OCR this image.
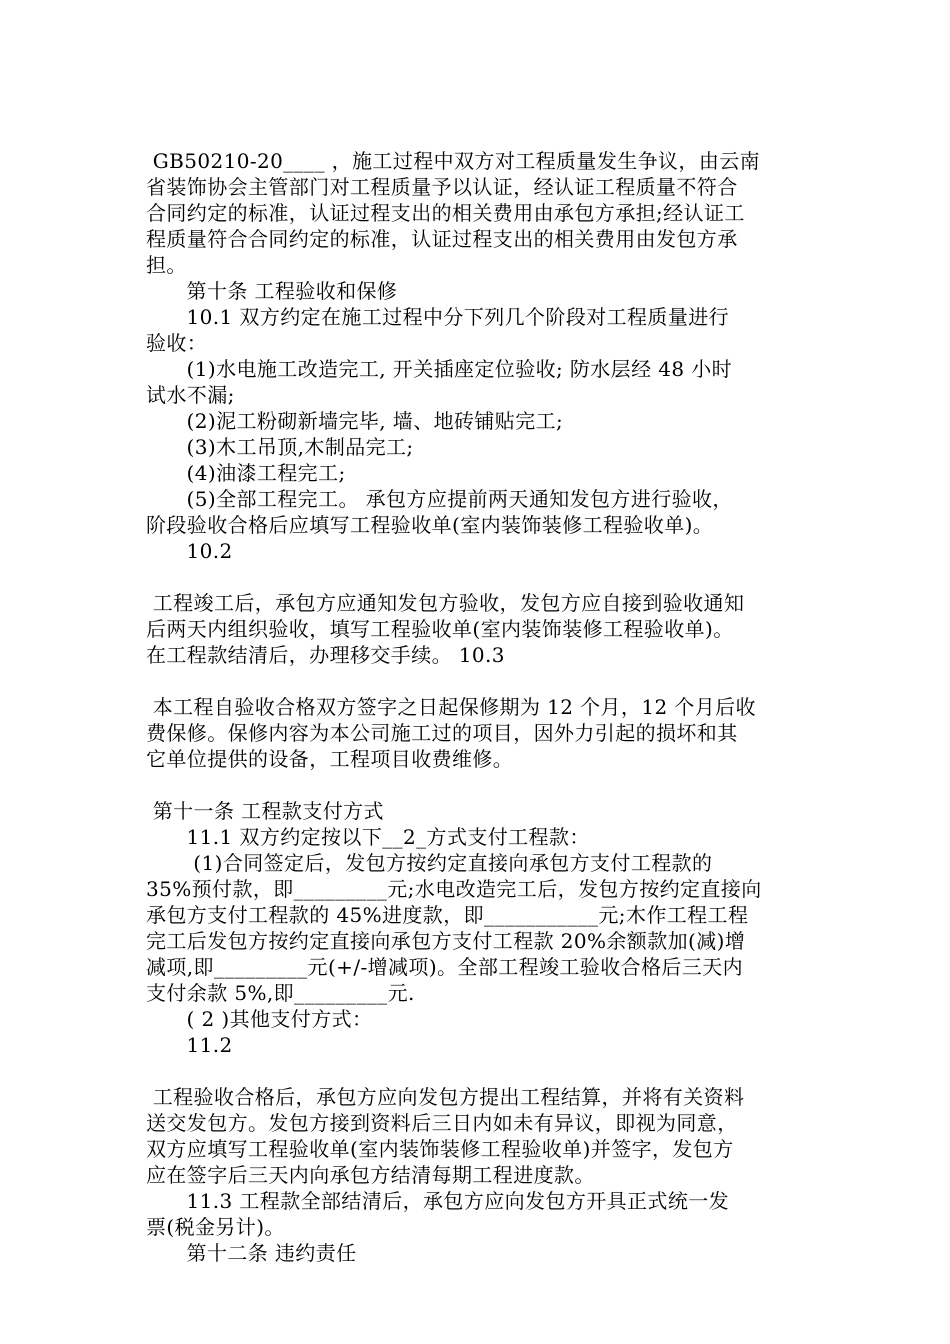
GB50210-20____ ，施工过程中双方对工程质量发生争议，由云南
省装饰协会主管部门对工程质量予以认证，经认证工程质量不符合
合同约定的标准，认证过程支出的相关费用由承包方承担;经认证工
程质量符合合同约定的标准，认证过程支出的相关费用由发包方承
担。
第十条 工程验收和保修
10.1 双方约定在施工过程中分下列几个阶段对工程质量进行
验收：
(1)水电施工改造完工, 开关插座定位验收; 防水层经 48 小时
试水不漏;
(2)泥工粉砌新墙完毕, 墙、地砖铺贴完工;
(3)木工吊顶,木制品完工;
(4)油漆工程完工;
(5)全部工程完工。 承包方应提前两天通知发包方进行验收，
阶段验收合格后应填写工程验收单(室内装饰装修工程验收单)。
10.2
工程竣工后，承包方应通知发包方验收，发包方应自接到验收通知
后两天内组织验收，填写工程验收单(室内装饰装修工程验收单)。
在工程款结清后，办理移交手续。 10.3
本工程自验收合格双方签字之日起保修期为 12 个月，12 个月后收
费保修。保修内容为本公司施工过的项目，因外力引起的损坏和其
它单位提供的设备，工程项目收费维修。
第十一条 工程款支付方式
11.1 双方约定按以下__2_方式支付工程款：
(1)合同签定后，发包方按约定直接向承包方支付工程款的
35%预付款，即_________元;水电改造完工后，发包方按约定直接向
承包方支付工程款的 45%进度款，即___________元;木作工程工程
完工后发包方按约定直接向承包方支付工程款 20%余额款加(减)增
减项,即_________元(+/-增减项)。全部工程竣工验收合格后三天内
支付余款 5%,即_________元.
( 2 )其他支付方式：
11.2
工程验收合格后，承包方应向发包方提出工程结算，并将有关资料
送交发包方。发包方接到资料后三日内如未有异议，即视为同意，
双方应填写工程验收单(室内装饰装修工程验收单)并签字，发包方
应在签字后三天内向承包方结清每期工程进度款。
11.3 工程款全部结清后，承包方应向发包方开具正式统一发
票(税金另计)。
第十二条 违约责任
